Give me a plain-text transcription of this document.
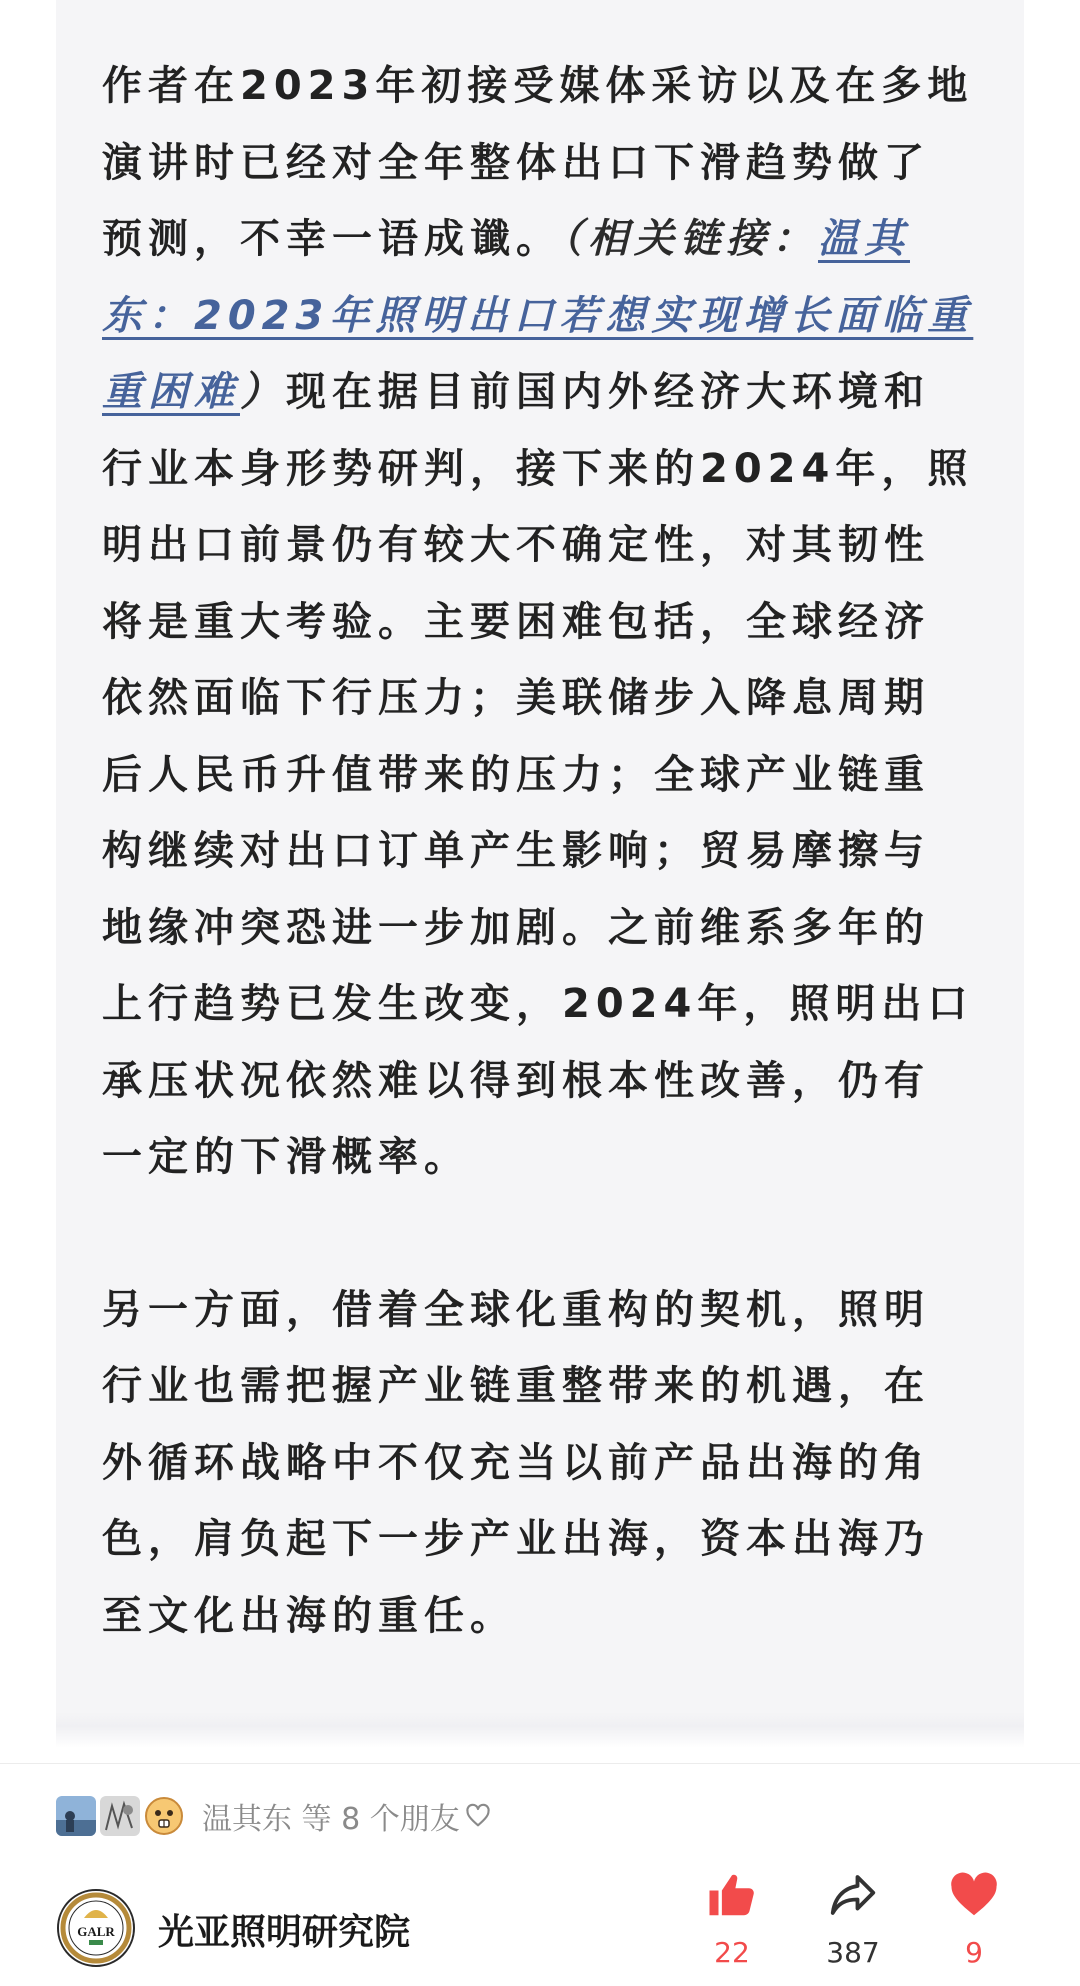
作者在2023年初接受媒体采访以及在多地演讲时已经对全年整体出口下滑趋势做了预测，不幸一语成谶。（相关链接：温其东：2023年照明出口若想实现增长面临重重困难）现在据目前国内外经济大环境和行业本身形势研判，接下来的2024年，照明出口前景仍有较大不确定性，对其韧性将是重大考验。主要困难包括，全球经济依然面临下行压力；美联储步入降息周期后人民币升值带来的压力；全球产业链重构继续对出口订单产生影响；贸易摩擦与地缘冲突恐进一步加剧。之前维系多年的上行趋势已发生改变，2024年，照明出口承压状况依然难以得到根本性改善，仍有一定的下滑概率。

另一方面，借着全球化重构的契机，照明行业也需把握产业链重整带来的机遇，在外循环战略中不仅充当以前产品出海的角色，肩负起下一步产业出海，资本出海乃至文化出海的重任。

温其东 等 8 个朋友
GALR 光亚照明研究院	22	387	9
